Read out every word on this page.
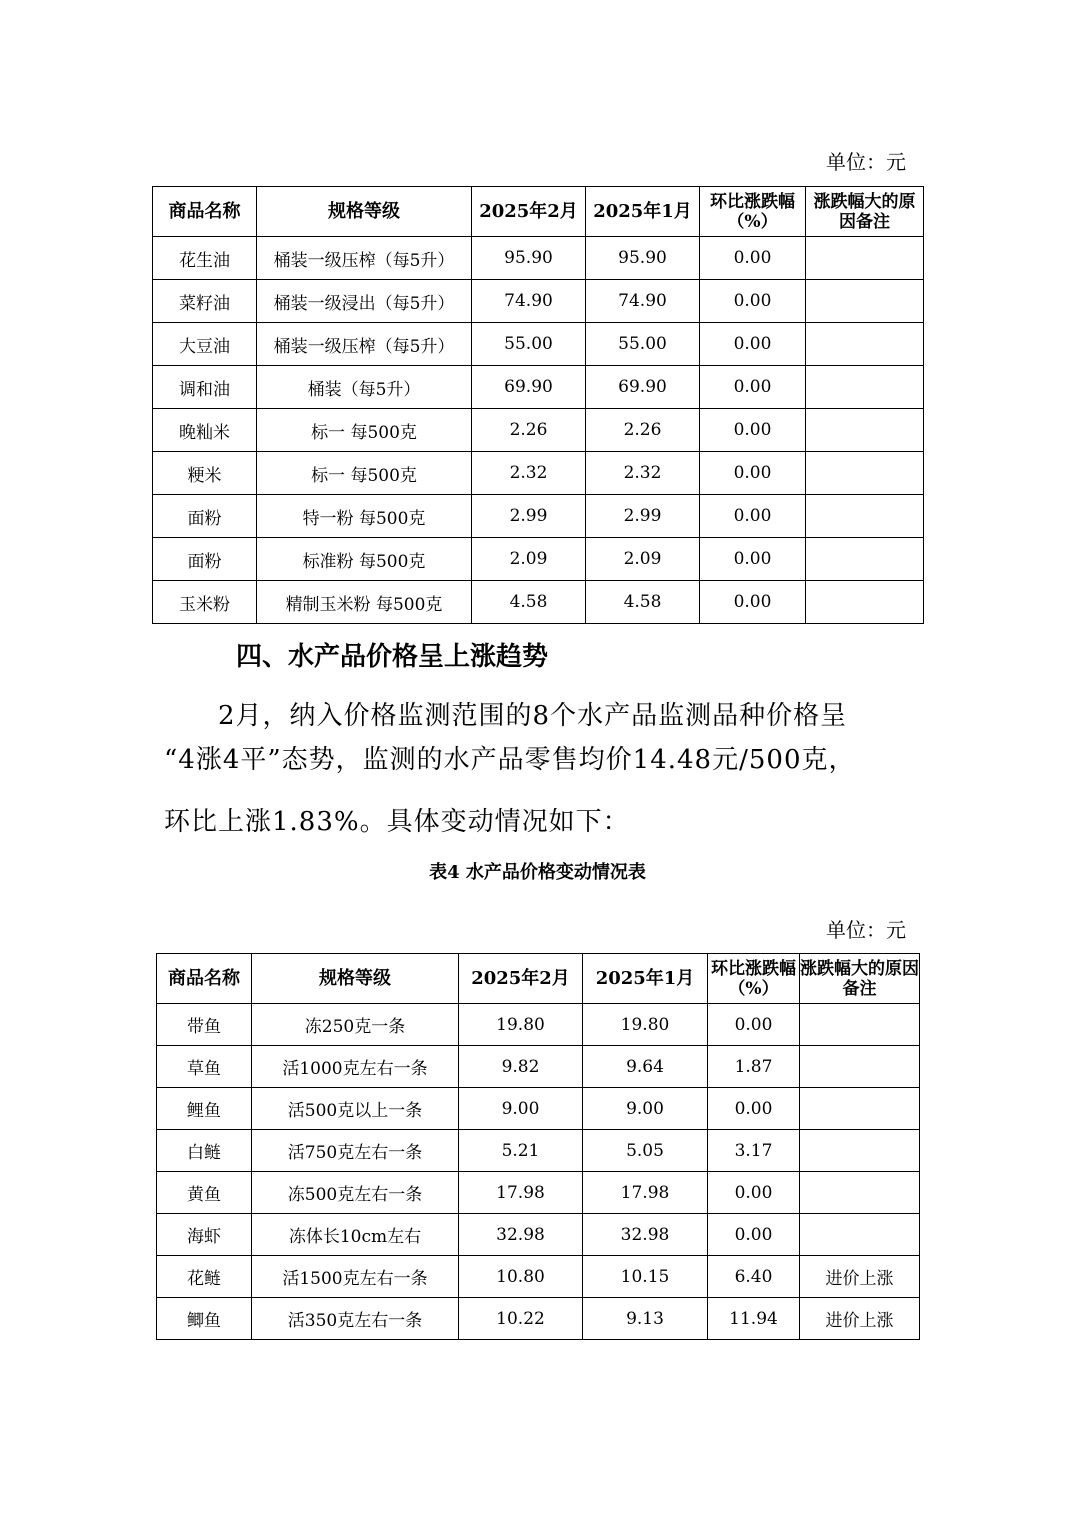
单位：元
商品名称	规格等级	2025年2月	2025年1月	环比涨跌幅（%）	涨跌幅大的原因备注
花生油	桶装一级压榨（每5升）	95.90	95.90	0.00	
菜籽油	桶装一级浸出（每5升）	74.90	74.90	0.00	
大豆油	桶装一级压榨（每5升）	55.00	55.00	0.00	
调和油	桶装（每5升）	69.90	69.90	0.00	
晚籼米	标一 每500克	2.26	2.26	0.00	
粳米	标一 每500克	2.32	2.32	0.00	
面粉	特一粉 每500克	2.99	2.99	0.00	
面粉	标准粉 每500克	2.09	2.09	0.00	
玉米粉	精制玉米粉 每500克	4.58	4.58	0.00	
四、水产品价格呈上涨趋势
2月，纳入价格监测范围的8个水产品监测品种价格呈
“4涨4平”态势，监测的水产品零售均价14.48元/500克，
环比上涨1.83%。具体变动情况如下：
表4 水产品价格变动情况表
单位：元
商品名称	规格等级	2025年2月	2025年1月	环比涨跌幅（%）	涨跌幅大的原因备注
带鱼	冻250克一条	19.80	19.80	0.00	
草鱼	活1000克左右一条	9.82	9.64	1.87	
鲤鱼	活500克以上一条	9.00	9.00	0.00	
白鲢	活750克左右一条	5.21	5.05	3.17	
黄鱼	冻500克左右一条	17.98	17.98	0.00	
海虾	冻体长10cm左右	32.98	32.98	0.00	
花鲢	活1500克左右一条	10.80	10.15	6.40	进价上涨
鲫鱼	活350克左右一条	10.22	9.13	11.94	进价上涨
